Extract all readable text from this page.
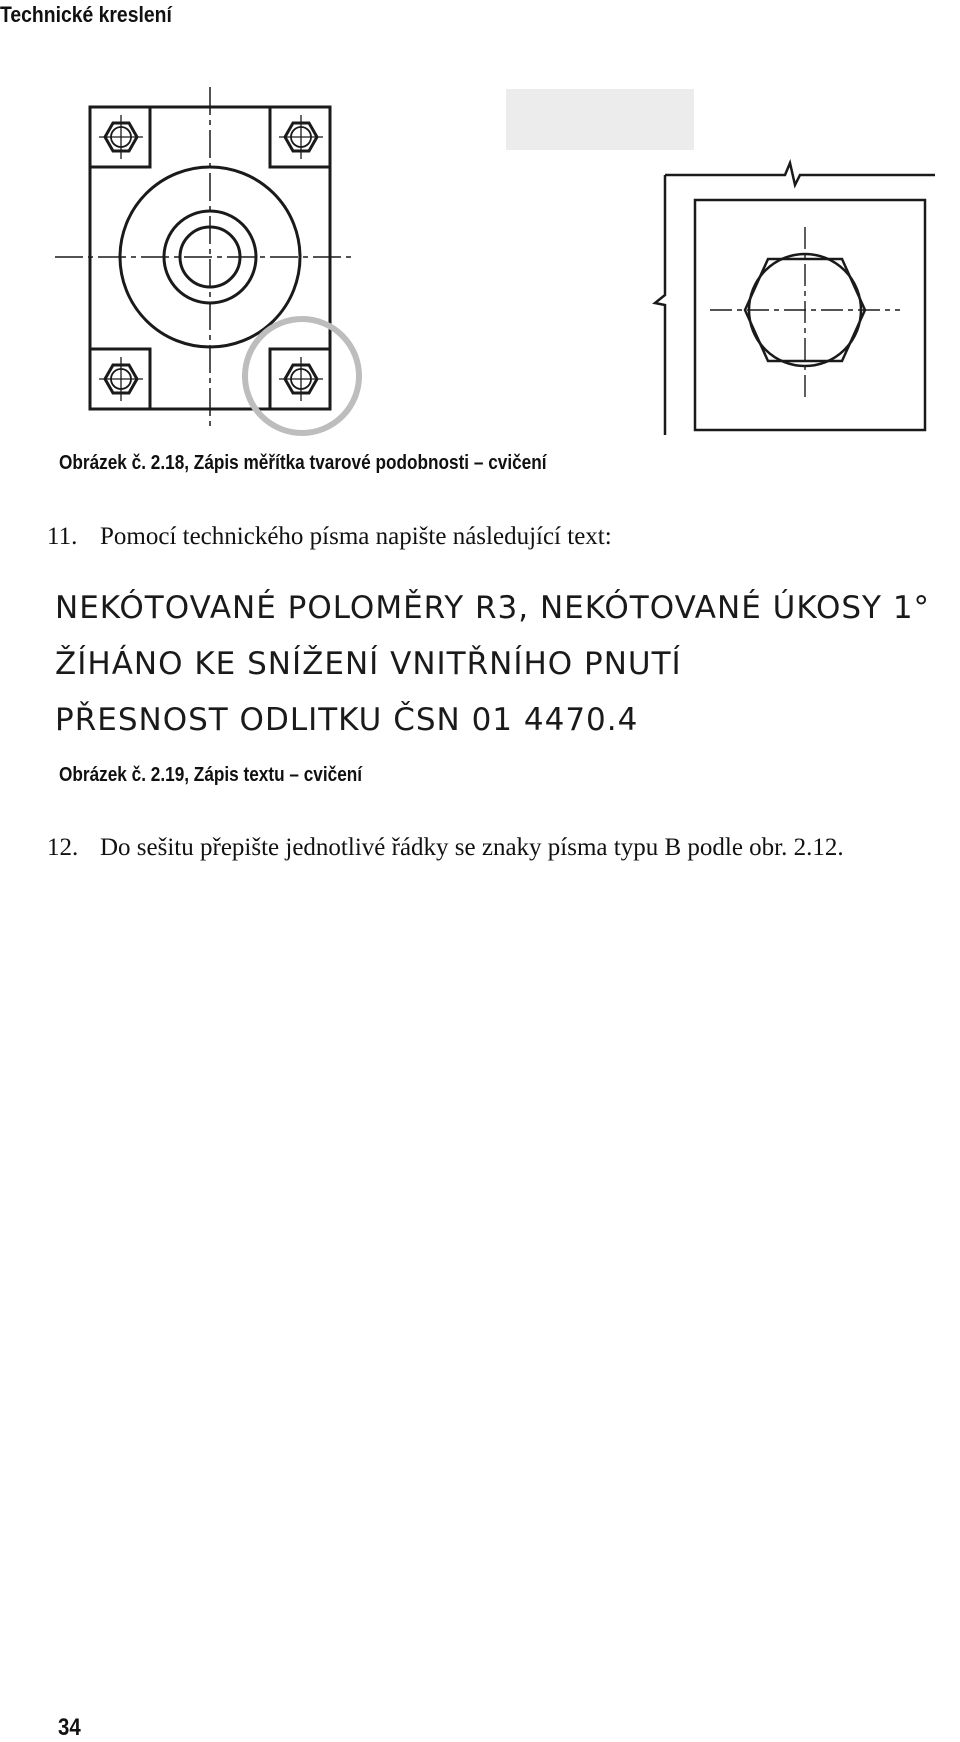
Technické kreslení
Obrázek č. 2.18, Zápis měřítka tvarové podobnosti – cvičení
11. Pomocí technického písma napište následující text:
NEKÓTOVANÉ POLOMĚRY R3, NEKÓTOVANÉ ÚKOSY 1°
ŽÍHÁNO KE SNÍŽENÍ VNITŘNÍHO PNUTÍ
PŘESNOST ODLITKU ČSN 01 4470.4
Obrázek č. 2.19, Zápis textu – cvičení
12. Do sešitu přepište jednotlivé řádky se znaky písma typu B podle obr. 2.12.
34
